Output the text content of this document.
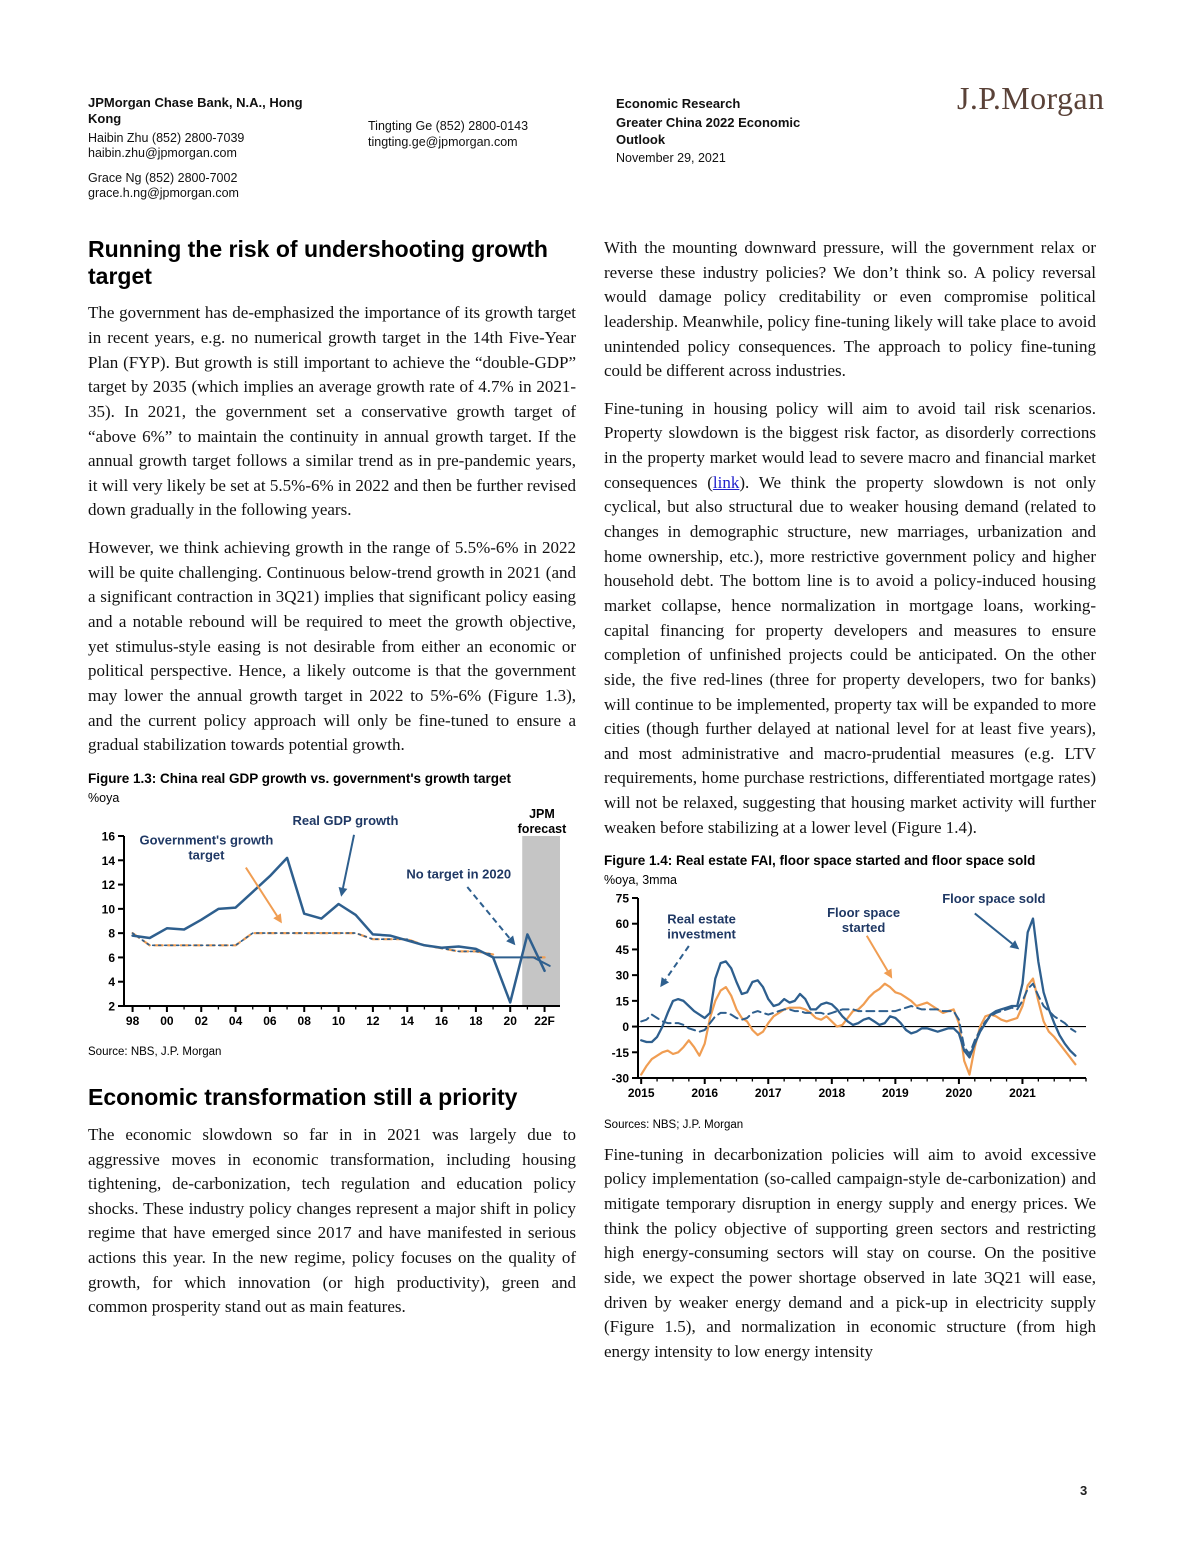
JPMorgan Chase Bank, N.A., Hong Kong
Haibin Zhu (852) 2800-7039
haibin.zhu@jpmorgan.com
Grace Ng (852) 2800-7002
grace.h.ng@jpmorgan.com
Tingting Ge (852) 2800-0143
tingting.ge@jpmorgan.com
Economic Research
Greater China 2022 Economic Outlook
November 29, 2021
J.P.Morgan
Running the risk of undershooting growth target

The government has de-emphasized the importance of its growth target in recent years, e.g. no numerical growth target in the 14th Five-Year Plan (FYP). But growth is still important to achieve the “double-GDP” target by 2035 (which implies an average growth rate of 4.7% in 2021-35). In 2021, the government set a conservative growth target of “above 6%” to maintain the continuity in annual growth target. If the annual growth target follows a similar trend as in pre-pandemic years, it will very likely be set at 5.5%-6% in 2022 and then be further revised down gradually in the following years.

However, we think achieving growth in the range of 5.5%-6% in 2022 will be quite challenging. Continuous below-trend growth in 2021 (and a significant contraction in 3Q21) implies that significant policy easing and a notable rebound will be required to meet the growth objective, yet stimulus-style easing is not desirable from either an economic or political perspective. Hence, a likely outcome is that the government may lower the annual growth target in 2022 to 5%-6% (Figure 1.3), and the current policy approach will only be fine-tuned to ensure a gradual stabilization towards potential growth.

Figure 1.3: China real GDP growth vs. government's growth target
%oya
2
4
6
8
10
12
14
16
98 00 02 04 06 08 10 12 14 16 18 20 22F
JPM forecast
Government's growth target
Real GDP growth
No target in 2020
Source: NBS, J.P. Morgan
Economic transformation still a priority

The economic slowdown so far in in 2021 was largely due to aggressive moves in economic transformation, including housing tightening, de-carbonization, tech regulation and education policy shocks. These industry policy changes represent a major shift in policy regime that have emerged since 2017 and have manifested in serious actions this year. In the new regime, policy focuses on the quality of growth, for which innovation (or high productivity), green and common prosperity stand out as main features.

With the mounting downward pressure, will the government relax or reverse these industry policies? We don’t think so. A policy reversal would damage policy creditability or even compromise political leadership. Meanwhile, policy fine-tuning likely will take place to avoid unintended policy consequences. The approach to policy fine-tuning could be different across industries.

Fine-tuning in housing policy will aim to avoid tail risk scenarios. Property slowdown is the biggest risk factor, as disorderly corrections in the property market would lead to severe macro and financial market consequences (link). We think the property slowdown is not only cyclical, but also structural due to weaker housing demand (related to changes in demographic structure, new marriages, urbanization and home ownership, etc.), more restrictive government policy and higher household debt. The bottom line is to avoid a policy-induced housing market collapse, hence normalization in mortgage loans, working-capital financing for property developers and measures to ensure completion of unfinished projects could be anticipated. On the other side, the five red-lines (three for property developers, two for banks) will continue to be implemented, property tax will be expanded to more cities (though further delayed at national level for at least five years), and most administrative and macro-prudential measures (e.g. LTV requirements, home purchase restrictions, differentiated mortgage rates) will not be relaxed, suggesting that housing market activity will further weaken before stabilizing at a lower level (Figure 1.4).

Figure 1.4: Real estate FAI, floor space started and floor space sold
%oya, 3mma
-30
-15
0
15
30
45
60
75
2015	2016	2017	2018	2019	2020	2021
Real estate investment
Floor space started
Floor space sold
Sources: NBS; J.P. Morgan

Fine-tuning in decarbonization policies will aim to avoid excessive policy implementation (so-called campaign-style de-carbonization) and mitigate temporary disruption in energy supply and energy prices. We think the policy objective of supporting green sectors and restricting high energy-consuming sectors will stay on course. On the positive side, we expect the power shortage observed in late 3Q21 will ease, driven by weaker energy demand and a pick-up in electricity supply (Figure 1.5), and normalization in economic structure (from high energy intensity to low energy intensity

3
